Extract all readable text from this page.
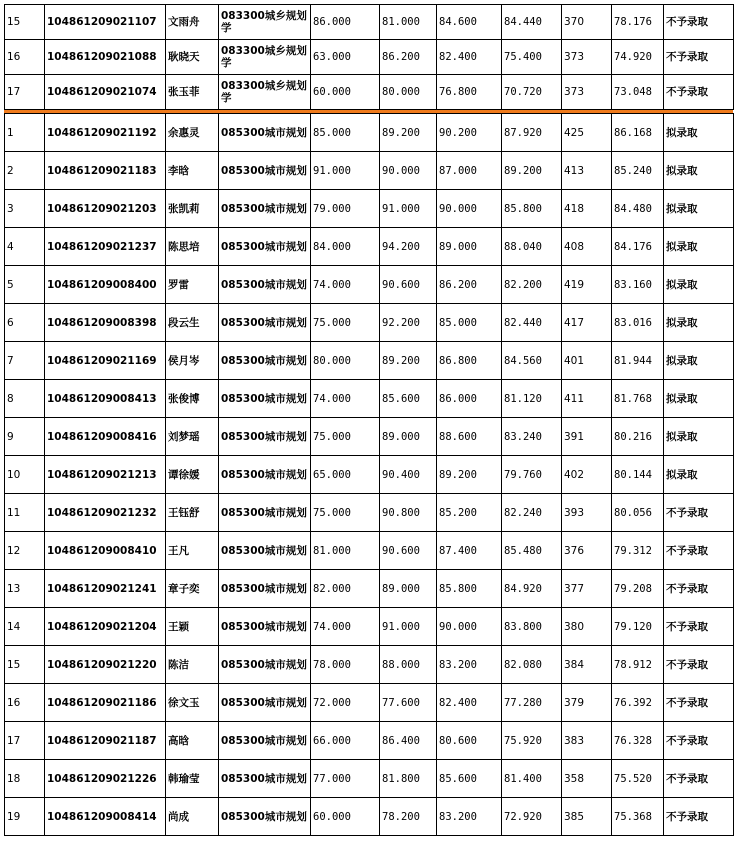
15	104861209021107	文雨舟	083300城乡规划学	86.000	81.000	84.600	84.440	370	78.176	不予录取
16	104861209021088	耿晓天	083300城乡规划学	63.000	86.200	82.400	75.400	373	74.920	不予录取
17	104861209021074	张玉菲	083300城乡规划学	60.000	80.000	76.800	70.720	373	73.048	不予录取
1	104861209021192	余惠灵	085300城市规划	85.000	89.200	90.200	87.920	425	86.168	拟录取
2	104861209021183	李晗	085300城市规划	91.000	90.000	87.000	89.200	413	85.240	拟录取
3	104861209021203	张凯莉	085300城市规划	79.000	91.000	90.000	85.800	418	84.480	拟录取
4	104861209021237	陈思培	085300城市规划	84.000	94.200	89.000	88.040	408	84.176	拟录取
5	104861209008400	罗雷	085300城市规划	74.000	90.600	86.200	82.200	419	83.160	拟录取
6	104861209008398	段云生	085300城市规划	75.000	92.200	85.000	82.440	417	83.016	拟录取
7	104861209021169	侯月岑	085300城市规划	80.000	89.200	86.800	84.560	401	81.944	拟录取
8	104861209008413	张俊博	085300城市规划	74.000	85.600	86.000	81.120	411	81.768	拟录取
9	104861209008416	刘梦瑶	085300城市规划	75.000	89.000	88.600	83.240	391	80.216	拟录取
10	104861209021213	谭徐媛	085300城市规划	65.000	90.400	89.200	79.760	402	80.144	拟录取
11	104861209021232	王钰舒	085300城市规划	75.000	90.800	85.200	82.240	393	80.056	不予录取
12	104861209008410	王凡	085300城市规划	81.000	90.600	87.400	85.480	376	79.312	不予录取
13	104861209021241	章子奕	085300城市规划	82.000	89.000	85.800	84.920	377	79.208	不予录取
14	104861209021204	王颖	085300城市规划	74.000	91.000	90.000	83.800	380	79.120	不予录取
15	104861209021220	陈洁	085300城市规划	78.000	88.000	83.200	82.080	384	78.912	不予录取
16	104861209021186	徐文玉	085300城市规划	72.000	77.600	82.400	77.280	379	76.392	不予录取
17	104861209021187	高晗	085300城市规划	66.000	86.400	80.600	75.920	383	76.328	不予录取
18	104861209021226	韩瑜莹	085300城市规划	77.000	81.800	85.600	81.400	358	75.520	不予录取
19	104861209008414	尚成	085300城市规划	60.000	78.200	83.200	72.920	385	75.368	不予录取
